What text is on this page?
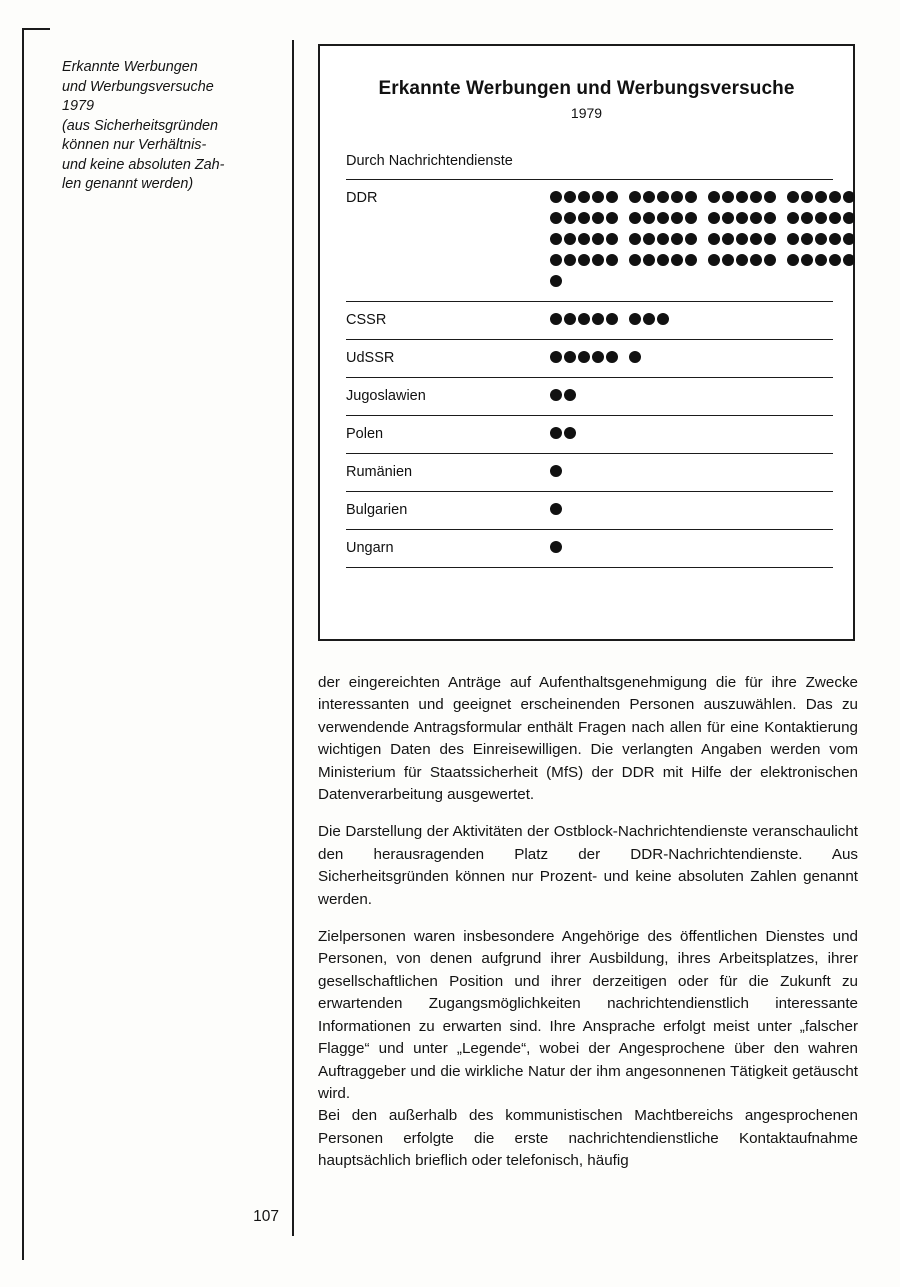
Erkannte Werbungen
und Werbungsversuche
1979
(aus Sicherheitsgründen
können nur Verhältnis-
und keine absoluten Zah-
len genannt werden)
Erkannte Werbungen und Werbungsversuche
1979
Durch Nachrichtendienste
DDR
CSSR
UdSSR
Jugoslawien
Polen
Rumänien
Bulgarien
Ungarn

der eingereichten Anträge auf Aufenthaltsgenehmigung die für ihre Zwecke interessanten und geeignet erscheinenden Personen auszuwählen. Das zu verwendende Antragsformular enthält Fragen nach allen für eine Kontaktierung wichtigen Daten des Einreisewilligen. Die verlangten Angaben werden vom Ministerium für Staatssicherheit (MfS) der DDR mit Hilfe der elektronischen Datenverarbeitung ausgewertet.

Die Darstellung der Aktivitäten der Ostblock-Nachrichtendienste veranschaulicht den herausragenden Platz der DDR-Nachrichtendienste. Aus Sicherheitsgründen können nur Prozent- und keine absoluten Zahlen genannt werden.

Zielpersonen waren insbesondere Angehörige des öffentlichen Dienstes und Personen, von denen aufgrund ihrer Ausbildung, ihres Arbeitsplatzes, ihrer gesellschaftlichen Position und ihrer derzeitigen oder für die Zukunft zu erwartenden Zugangsmöglichkeiten nachrichtendienstlich interessante Informationen zu erwarten sind. Ihre Ansprache erfolgt meist unter „falscher Flagge“ und unter „Legende“, wobei der Angesprochene über den wahren Auftraggeber und die wirkliche Natur der ihm angesonnenen Tätigkeit getäuscht wird.

Bei den außerhalb des kommunistischen Machtbereichs angesprochenen Personen erfolgte die erste nachrichtendienstliche Kontaktaufnahme hauptsächlich brieflich oder telefonisch, häufig

107
